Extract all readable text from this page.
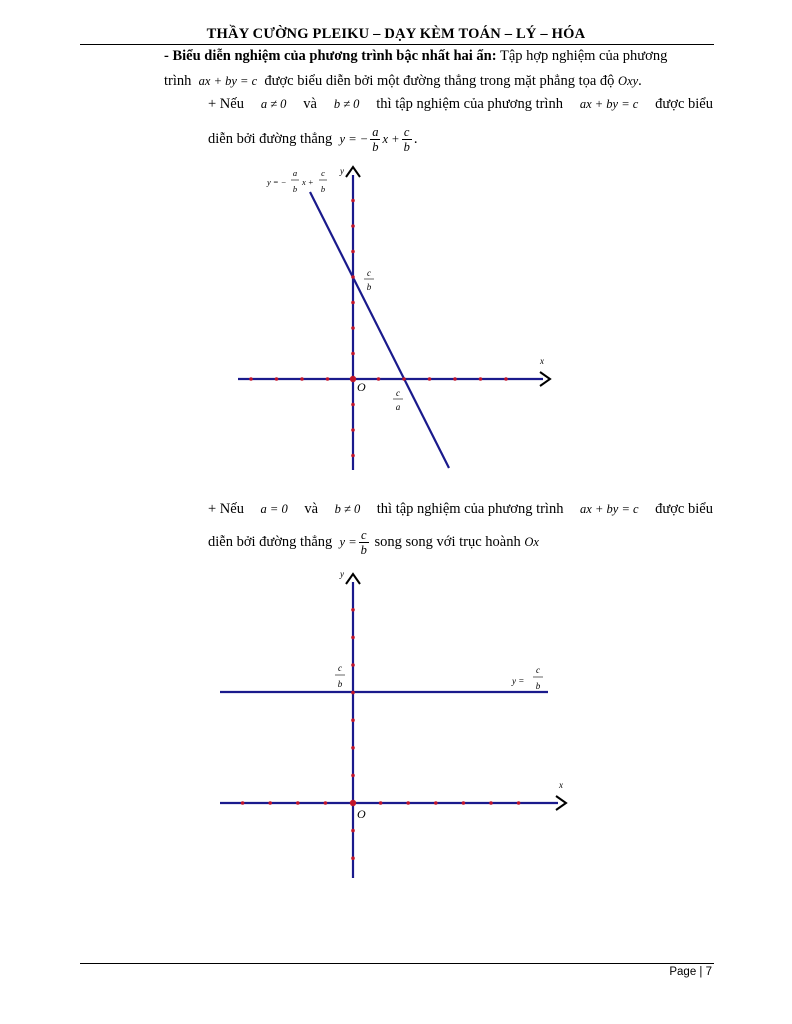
THẦY CƯỜNG PLEIKU – DẠY KÈM TOÁN – LÝ – HÓA
- Biểu diễn nghiệm của phương trình bậc nhất hai ẩn: Tập hợp nghiệm của phương
trình ax + by = c được biểu diễn bởi một đường thẳng trong mặt phẳng tọa độ Oxy.
+ Nếu a ≠ 0 và b ≠ 0 thì tập nghiệm của phương trình ax + by = c được biểu
diễn bởi đường thẳng y = − $\frac{a}{b}$ $x + \frac{c}{b}$ .
+ Nếu a = 0 và b ≠ 0 thì tập nghiệm của phương trình ax + by = c được biểu
diễn bởi đường thẳng $y = \frac{c}{b}$ song song với trục hoành Ox
y
x
O
y = −
a
b
x +
c
b
c
b
c
a
y
x
O
y =
c
b
c
b
Page | 7
